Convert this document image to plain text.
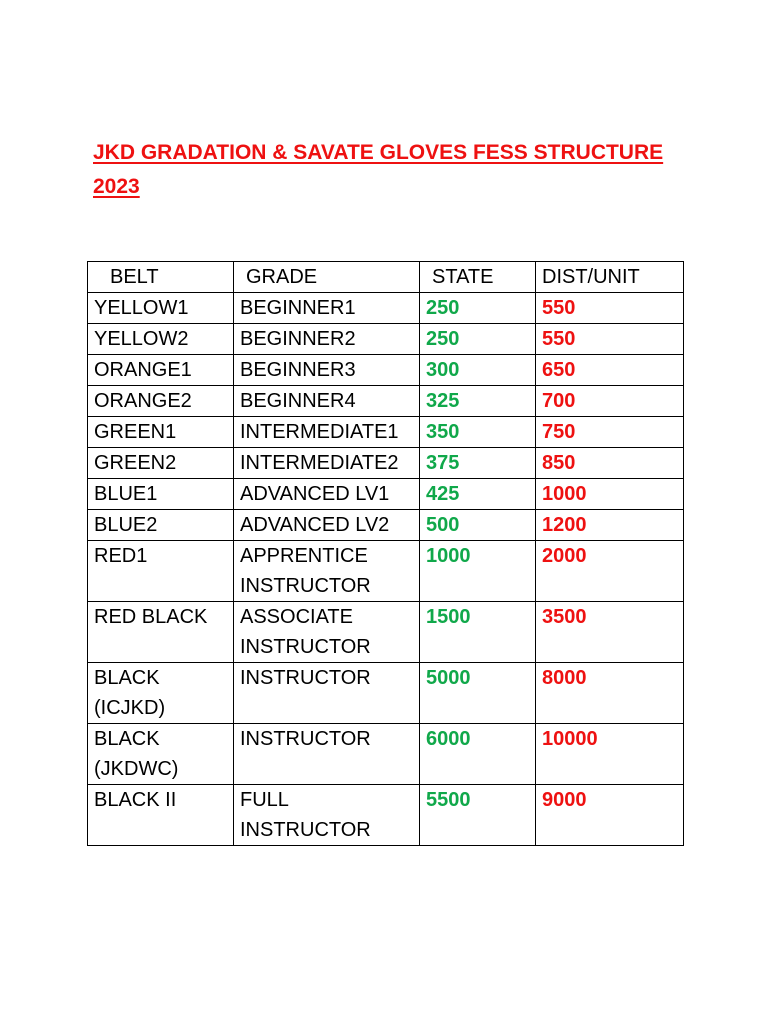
JKD GRADATION & SAVATE GLOVES FESS STRUCTURE
2023
BELT	GRADE	STATE	DIST/UNIT
YELLOW1	BEGINNER1	250	550
YELLOW2	BEGINNER2	250	550
ORANGE1	BEGINNER3	300	650
ORANGE2	BEGINNER4	325	700
GREEN1	INTERMEDIATE1	350	750
GREEN2	INTERMEDIATE2	375	850
BLUE1	ADVANCED LV1	425	1000
BLUE2	ADVANCED LV2	500	1200
RED1	APPRENTICE INSTRUCTOR	1000	2000
RED BLACK	ASSOCIATE INSTRUCTOR	1500	3500
BLACK (ICJKD)	INSTRUCTOR	5000	8000
BLACK (JKDWC)	INSTRUCTOR	6000	10000
BLACK II	FULL INSTRUCTOR	5500	9000
